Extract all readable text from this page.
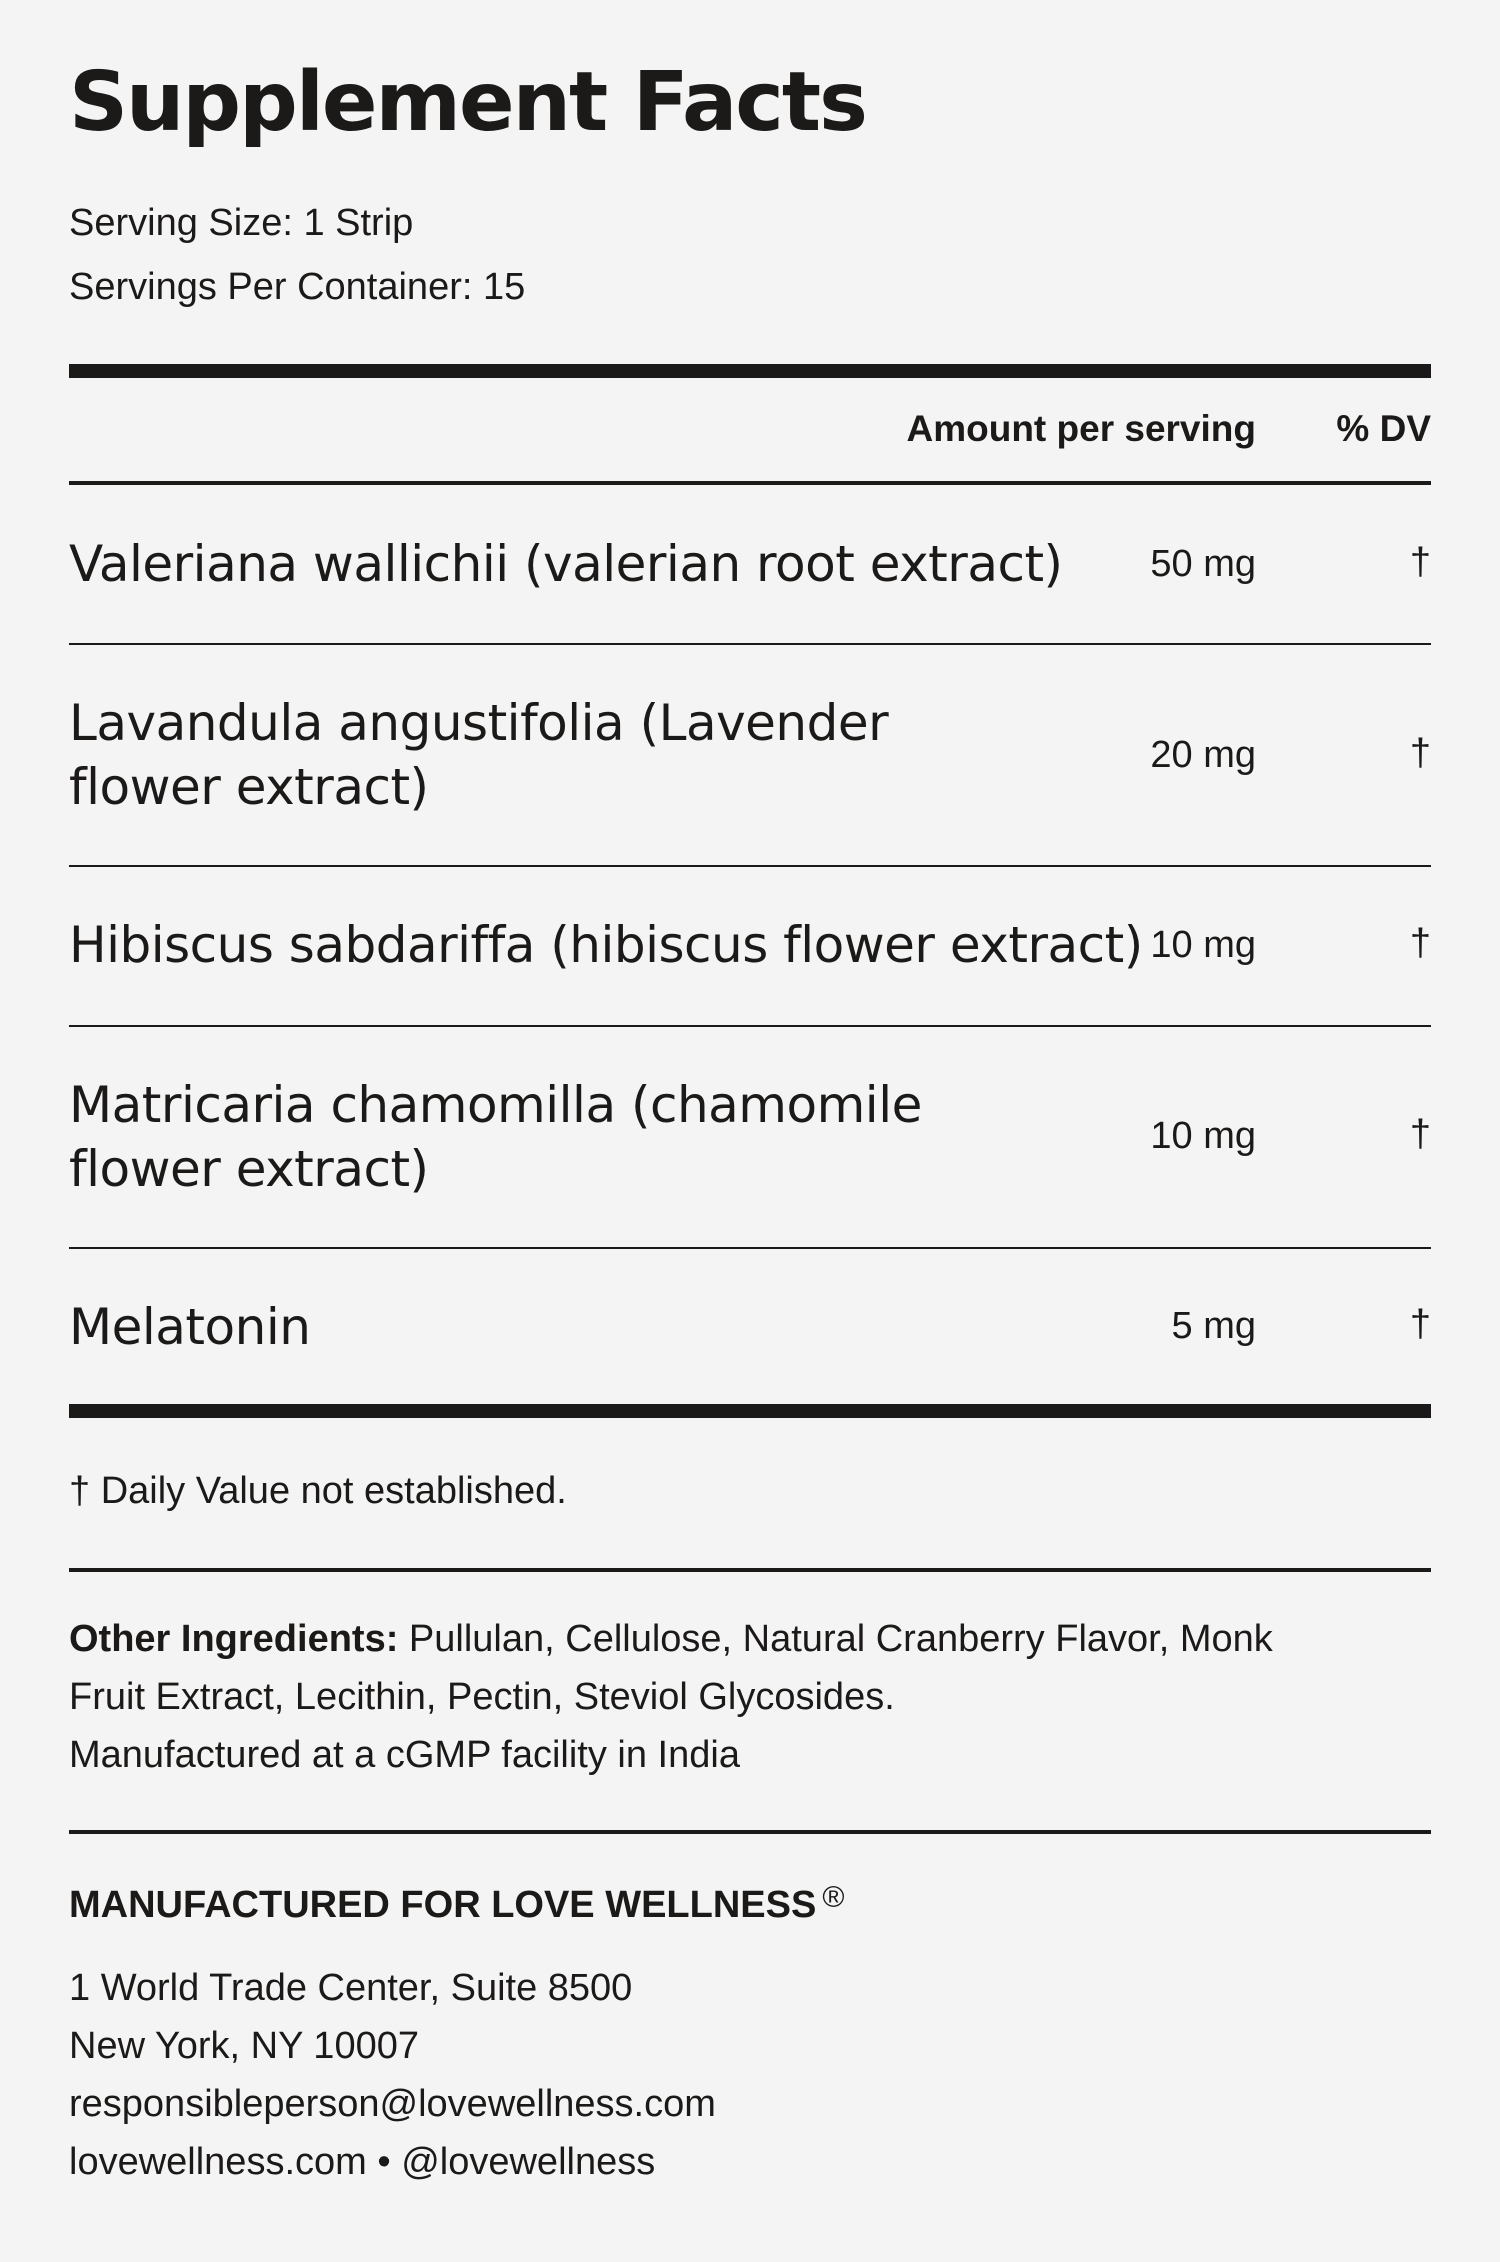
Supplement Facts
Serving Size: 1 Strip
Servings Per Container: 15
Amount per serving % DV
Valeriana wallichii (valerian root extract) 50 mg	†
Lavandula angustifolia (Lavender
flower extract)
20 mg	†
Hibiscus sabdariffa (hibiscus flower extract) 10 mg	†
Matricaria chamomilla (chamomile
flower extract)
10 mg	†
Melatonin	5 mg	†
† Daily Value not established.
Other Ingredients: Pullulan, Cellulose, Natural Cranberry Flavor, Monk
Fruit Extract, Lecithin, Pectin, Steviol Glycosides.
Manufactured at a cGMP facility in India
MANUFACTURED FOR LOVE WELLNESS ®
1 World Trade Center, Suite 8500
New York, NY 10007
responsibleperson@lovewellness.com
lovewellness.com • @lovewellness
